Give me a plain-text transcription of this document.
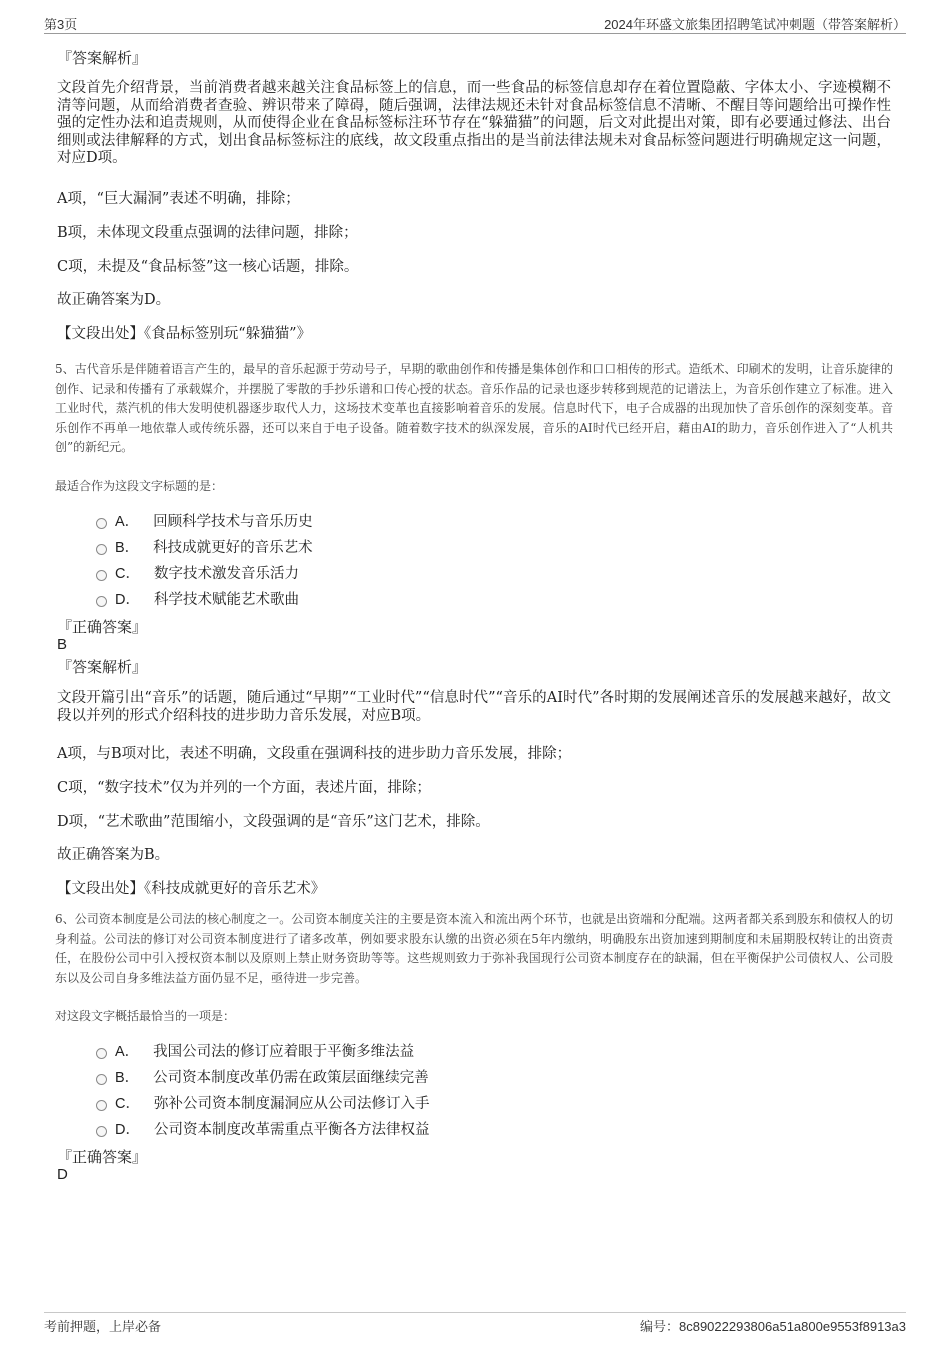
第3页	2024年环盛文旅集团招聘笔试冲刺题（带答案解析）
『答案解析』
文段首先介绍背景，当前消费者越来越关注食品标签上的信息，而一些食品的标签信息却存在着位置隐蔽、字体太小、字迹模糊不清等问题，从而给消费者查验、辨识带来了障碍，随后强调，法律法规还未针对食品标签信息不清晰、不醒目等问题给出可操作性强的定性办法和追责规则，从而使得企业在食品标签标注环节存在“躲猫猫”的问题，后文对此提出对策，即有必要通过修法、出台细则或法律解释的方式，划出食品标签标注的底线，故文段重点指出的是当前法律法规未对食品标签问题进行明确规定这一问题，对应D项。
A项，“巨大漏洞”表述不明确，排除；
B项，未体现文段重点强调的法律问题，排除；
C项，未提及“食品标签”这一核心话题，排除。
故正确答案为D。
【文段出处】《食品标签别玩“躲猫猫”》
5、古代音乐是伴随着语言产生的，最早的音乐起源于劳动号子，早期的歌曲创作和传播是集体创作和口口相传的形式。造纸术、印刷术的发明，让音乐旋律的创作、记录和传播有了承载媒介，并摆脱了零散的手抄乐谱和口传心授的状态。音乐作品的记录也逐步转移到规范的记谱法上，为音乐创作建立了标准。进入工业时代，蒸汽机的伟大发明使机器逐步取代人力，这场技术变革也直接影响着音乐的发展。信息时代下，电子合成器的出现加快了音乐创作的深刻变革。音乐创作不再单一地依靠人或传统乐器，还可以来自于电子设备。随着数字技术的纵深发展，音乐的AI时代已经开启，藉由AI的助力，音乐创作进入了“人机共创”的新纪元。
最适合作为这段文字标题的是：
A． 回顾科学技术与音乐历史
B． 科技成就更好的音乐艺术
C． 数字技术激发音乐活力
D． 科学技术赋能艺术歌曲
『正确答案』
B
『答案解析』
文段开篇引出“音乐”的话题，随后通过“早期”“工业时代”“信息时代”“音乐的AI时代”各时期的发展阐述音乐的发展越来越好，故文段以并列的形式介绍科技的进步助力音乐发展，对应B项。
A项，与B项对比，表述不明确，文段重在强调科技的进步助力音乐发展，排除；
C项，“数字技术”仅为并列的一个方面，表述片面，排除；
D项，“艺术歌曲”范围缩小，文段强调的是“音乐”这门艺术，排除。
故正确答案为B。
【文段出处】《科技成就更好的音乐艺术》
6、公司资本制度是公司法的核心制度之一。公司资本制度关注的主要是资本流入和流出两个环节，也就是出资端和分配端。这两者都关系到股东和债权人的切身利益。公司法的修订对公司资本制度进行了诸多改革，例如要求股东认缴的出资必须在5年内缴纳，明确股东出资加速到期制度和未届期股权转让的出资责任，在股份公司中引入授权资本制以及原则上禁止财务资助等等。这些规则致力于弥补我国现行公司资本制度存在的缺漏，但在平衡保护公司债权人、公司股东以及公司自身多维法益方面仍显不足，亟待进一步完善。
对这段文字概括最恰当的一项是：
A． 我国公司法的修订应着眼于平衡多维法益
B． 公司资本制度改革仍需在政策层面继续完善
C． 弥补公司资本制度漏洞应从公司法修订入手
D． 公司资本制度改革需重点平衡各方法律权益
『正确答案』
D
考前押题，上岸必备	编号：8c89022293806a51a800e9553f8913a3
